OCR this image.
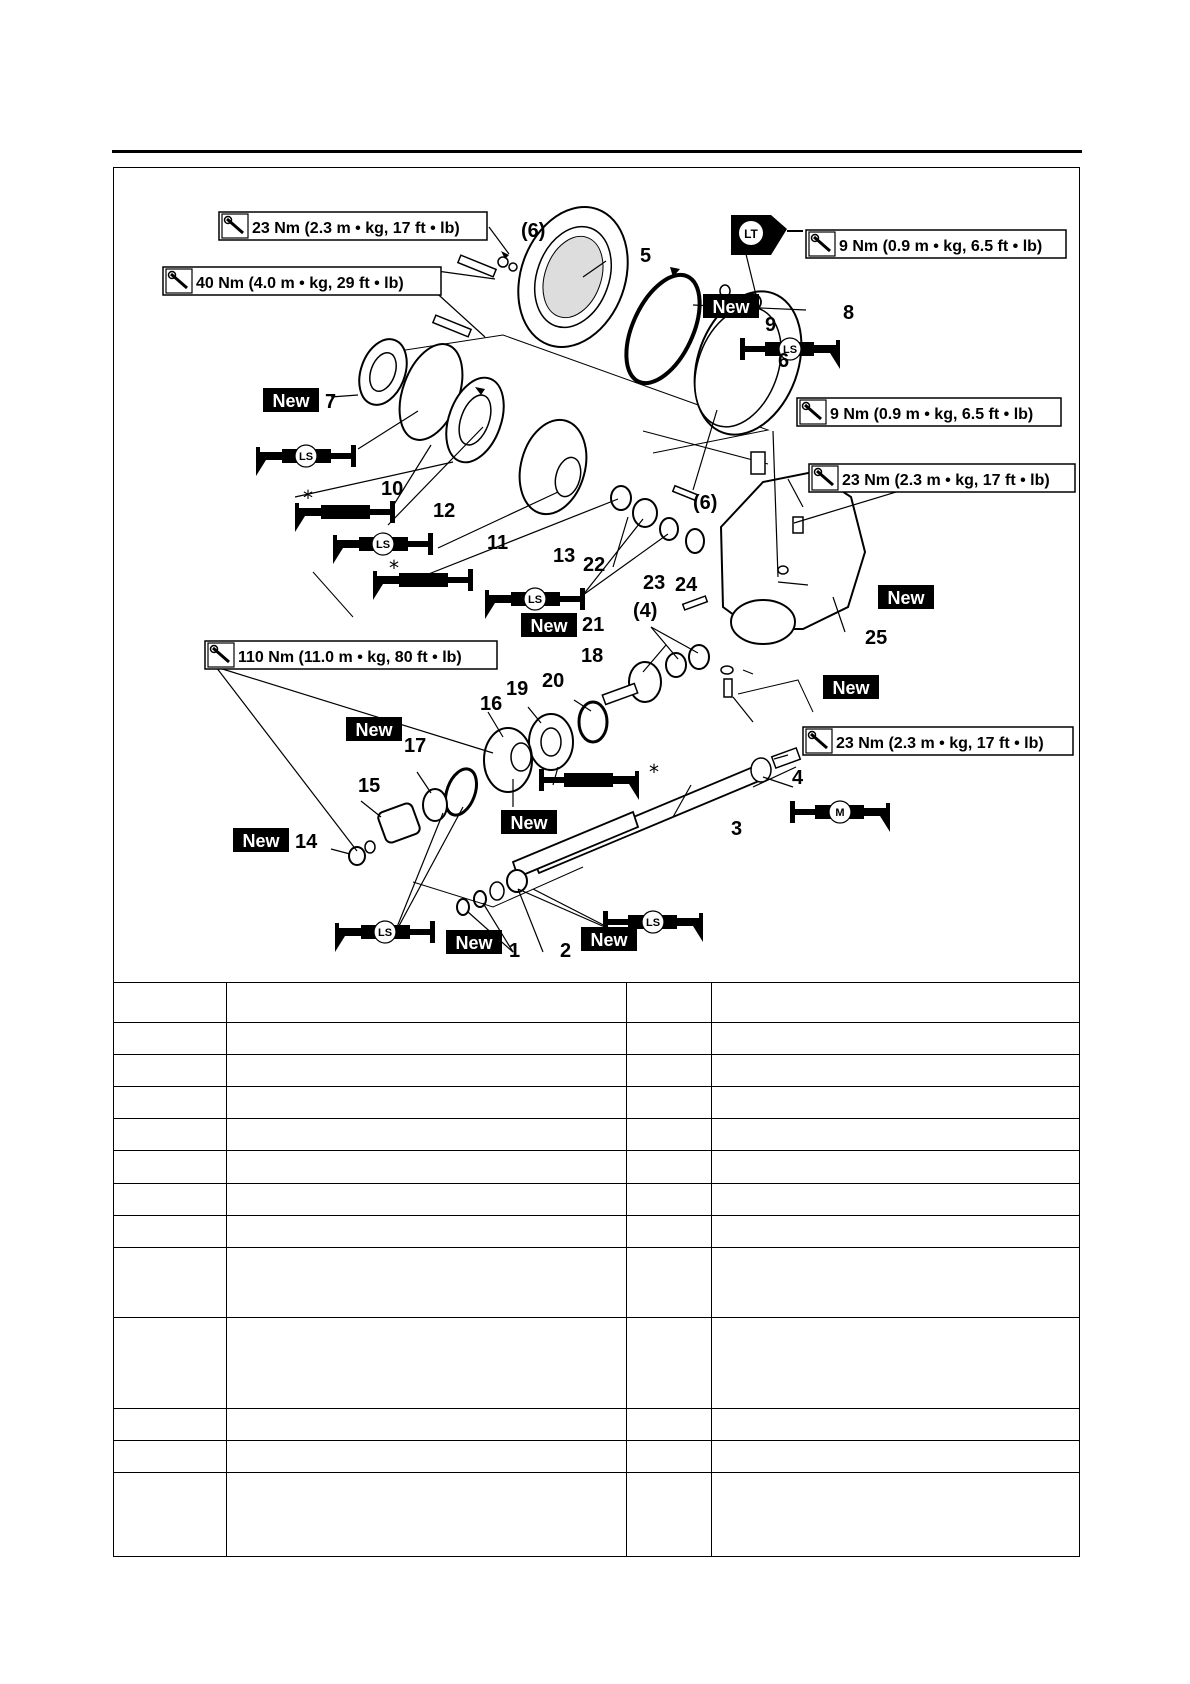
23 Nm (2.3 m • kg, 17 ft • lb)
40 Nm (4.0 m • kg, 29 ft • lb)
9 Nm (0.9 m • kg, 6.5 ft • lb)
9 Nm (0.9 m • kg, 6.5 ft • lb)
23 Nm (2.3 m • kg, 17 ft • lb)
110 Nm (11.0 m • kg, 80 ft • lb)
23 Nm (2.3 m • kg, 17 ft • lb)
LT
LS
LS
LS
LS
M
LS
LS
*
*
*
New
New
New
New
New
New
New
New
New	New
1 2
3
4
5
6
7
8
9
10
11
12
13
14
15
16
17
18
19 20
21
22
23 24
25
(6)
(6)
(4)
